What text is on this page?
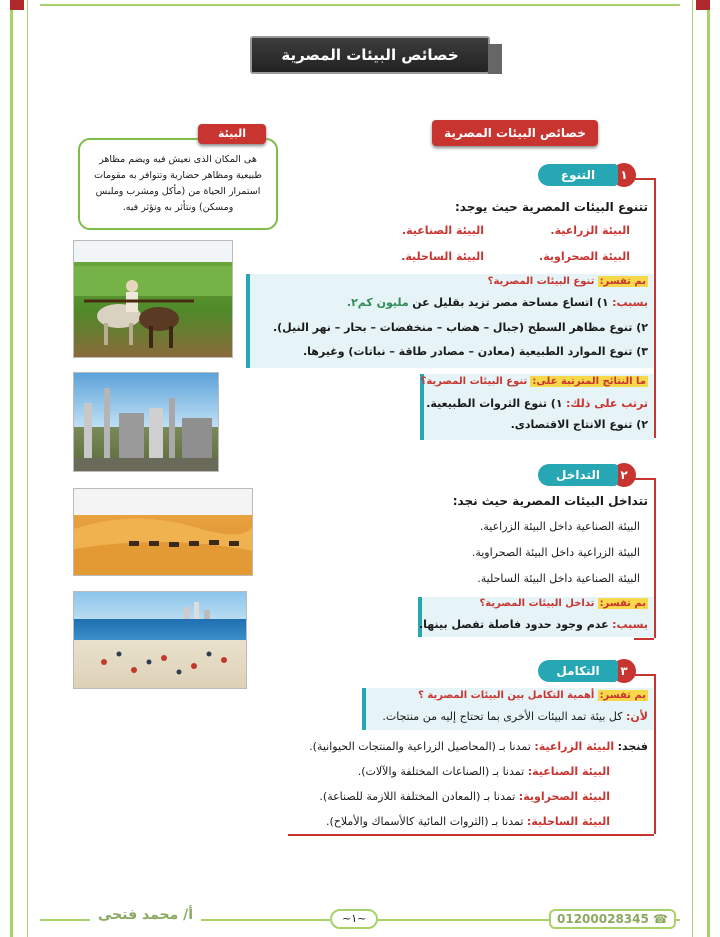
خصائص البيئات المصرية
خصائص البيئات المصرية
البيئة
هى المكان الذى نعيش فيه ويضم مظاهر طبيعية ومظاهر حضارية وتتوافر به مقومات استمرار الحياة من (مأكل ومشرب وملبس ومسكن) ونتأثر به ونؤثر فيه.
١
التنوع
تتنوع البيئات المصرية حيث يوجد:
البيئة الزراعية.
البيئة الصناعية.
البيئة الصحراوية.
البيئة الساحلية.
بم تفسر: تنوع البيئات المصرية؟
بسبب: ١) اتساع مساحة مصر تزيد بقليل عن مليون كم٢.
٢) تنوع مظاهر السطح (جبال – هضاب – منخفضات – بحار – نهر النيل).
٣) تنوع الموارد الطبيعية (معادن – مصادر طاقة – نباتات) وغيرها.
ما النتائج المترتبة على: تنوع البيئات المصرية؟
ترتب على ذلك: ١) تنوع الثروات الطبيعية.
٢) تنوع الانتاج الاقتصادى.
٢
التداخل
تتداخل البيئات المصرية حيث نجد:
البيئة الصناعية داخل البيئة الزراعية.
البيئة الزراعية داخل البيئة الصحراوية.
البيئة الصناعية داخل البيئة الساحلية.
بم تفسر: تداخل البيئات المصرية؟
بسبب: عدم وجود حدود فاصلة تفصل بينها.
٣
التكامل
بم تفسر: أهمية التكامل بين البيئات المصرية ؟
لأن: كل بيئة تمد البيئات الأخرى بما تحتاج إليه من منتجات.
فنجد: البيئة الزراعية: تمدنا بـ (المحاصيل الزراعية والمنتجات الحيوانية).
البيئة الصناعية: تمدنا بـ (الصناعات المختلفة والآلات).
البيئة الصحراوية: تمدنا بـ (المعادن المختلفة اللازمة للصناعة).
البيئة الساحلية: تمدنا بـ (الثروات المائية كالأسماك والأملاح).
01200028345 ☎
~١~
أ/ محمد فتحى
